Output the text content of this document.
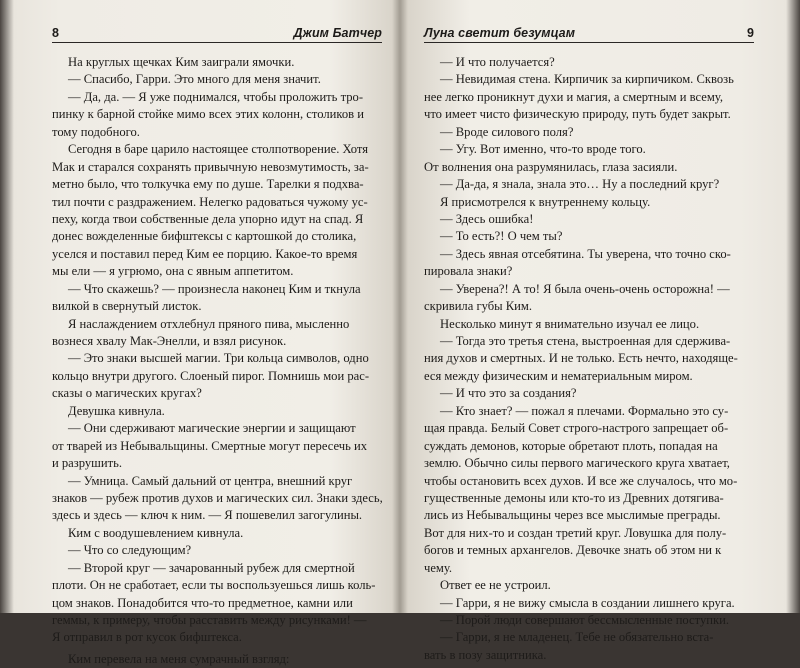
8	Джим Батчер
На круглых щечках Ким заиграли ямочки.
— Спасибо, Гарри. Это много для меня значит.
— Да, да. — Я уже поднимался, чтобы проложить тро-
пинку к барной стойке мимо всех этих колонн, столиков и
тому подобного.
Сегодня в баре царило настоящее столпотворение. Хотя
Мак и старался сохранять привычную невозмутимость, за-
метно было, что толкучка ему по душе. Тарелки я подхва-
тил почти с раздражением. Нелегко радоваться чужому ус-
пеху, когда твои собственные дела упорно идут на спад. Я
донес вожделенные бифштексы с картошкой до столика,
уселся и поставил перед Ким ее порцию. Какое-то время
мы ели — я угрюмо, она с явным аппетитом.
— Что скажешь? — произнесла наконец Ким и ткнула
вилкой в свернутый листок.
Я наслаждением отхлебнул пряного пива, мысленно
вознеся хвалу Мак-Энелли, и взял рисунок.
— Это знаки высшей магии. Три кольца символов, одно
кольцо внутри другого. Слоеный пирог. Помнишь мои рас-
сказы о магических кругах?
Девушка кивнула.
— Они сдерживают магические энергии и защищают
от тварей из Небывальщины. Смертные могут пересечь их
и разрушить.
— Умница. Самый дальний от центра, внешний круг
знаков — рубеж против духов и магических сил. Знаки здесь,
здесь и здесь — ключ к ним. — Я пошевелил загогулины.
Ким с воодушевлением кивнула.
— Что со следующим?
— Второй круг — зачарованный рубеж для смертной
плоти. Он не сработает, если ты воспользуешься лишь коль-
цом знаков. Понадобится что-то предметное, камни или
геммы, к примеру, чтобы расставить между рисунками! —
Я отправил в рот кусок бифштекса.
Ким перевела на меня сумрачный взгляд:
Луна светит безумцам	9
— И что получается?
— Невидимая стена. Кирпичик за кирпичиком. Сквозь
нее легко проникнут духи и магия, а смертным и всему,
что имеет чисто физическую природу, путь будет закрыт.
— Вроде силового поля?
— Угу. Вот именно, что-то вроде того.
От волнения она разрумянилась, глаза засияли.
— Да-да, я знала, знала это… Ну а последний круг?
Я присмотрелся к внутреннему кольцу.
— Здесь ошибка!
— То есть?! О чем ты?
— Здесь явная отсебятина. Ты уверена, что точно ско-
пировала знаки?
— Уверена?! А то! Я была очень-очень осторожна! —
скривила губы Ким.
Несколько минут я внимательно изучал ее лицо.
— Тогда это третья стена, выстроенная для сдержива-
ния духов и смертных. И не только. Есть нечто, находяще-
еся между физическим и нематериальным миром.
— И что это за создания?
— Кто знает? — пожал я плечами. Формально это су-
щая правда. Белый Совет строго-настрого запрещает об-
суждать демонов, которые обретают плоть, попадая на
землю. Обычно силы первого магического круга хватает,
чтобы остановить всех духов. И все же случалось, что мо-
гущественные демоны или кто-то из Древних дотягива-
лись из Небывальщины через все мыслимые преграды.
Вот для них-то и создан третий круг. Ловушка для полу-
богов и темных архангелов. Девочке знать об этом ни к
чему.
Ответ ее не устроил.
— Гарри, я не вижу смысла в создании лишнего круга.
— Порой люди совершают бессмысленные поступки.
— Гарри, я не младенец. Тебе не обязательно вста-
вать в позу защитника.
